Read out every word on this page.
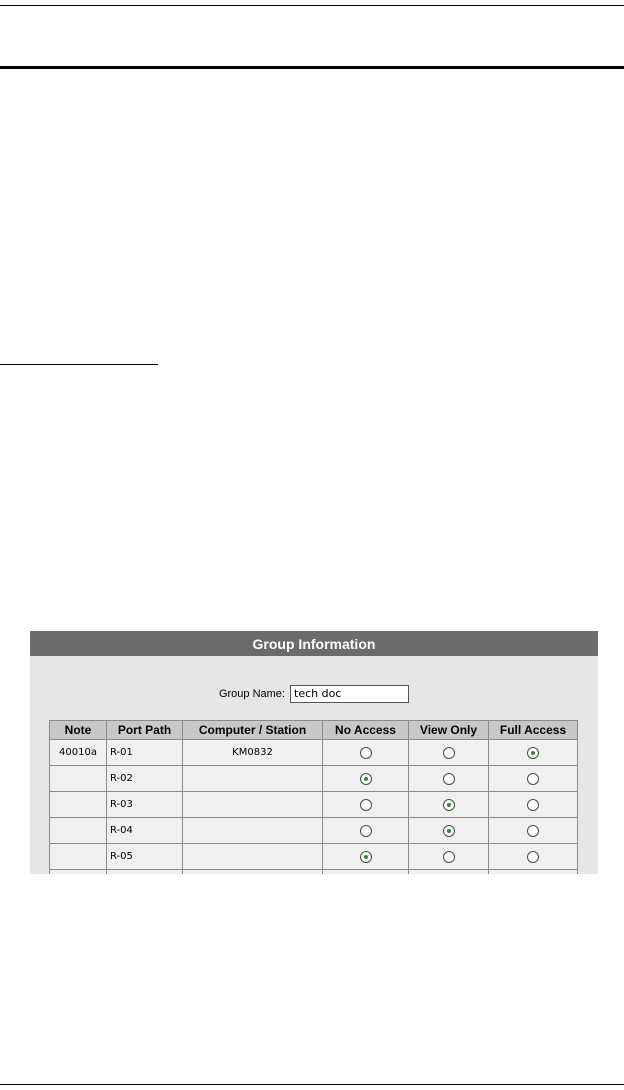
Group Information
Group Name: tech doc
Note	Port Path	Computer / Station	No Access	View Only	Full Access
40010a	R-01	KM0832			
	R-02				
	R-03				
	R-04				
	R-05				
